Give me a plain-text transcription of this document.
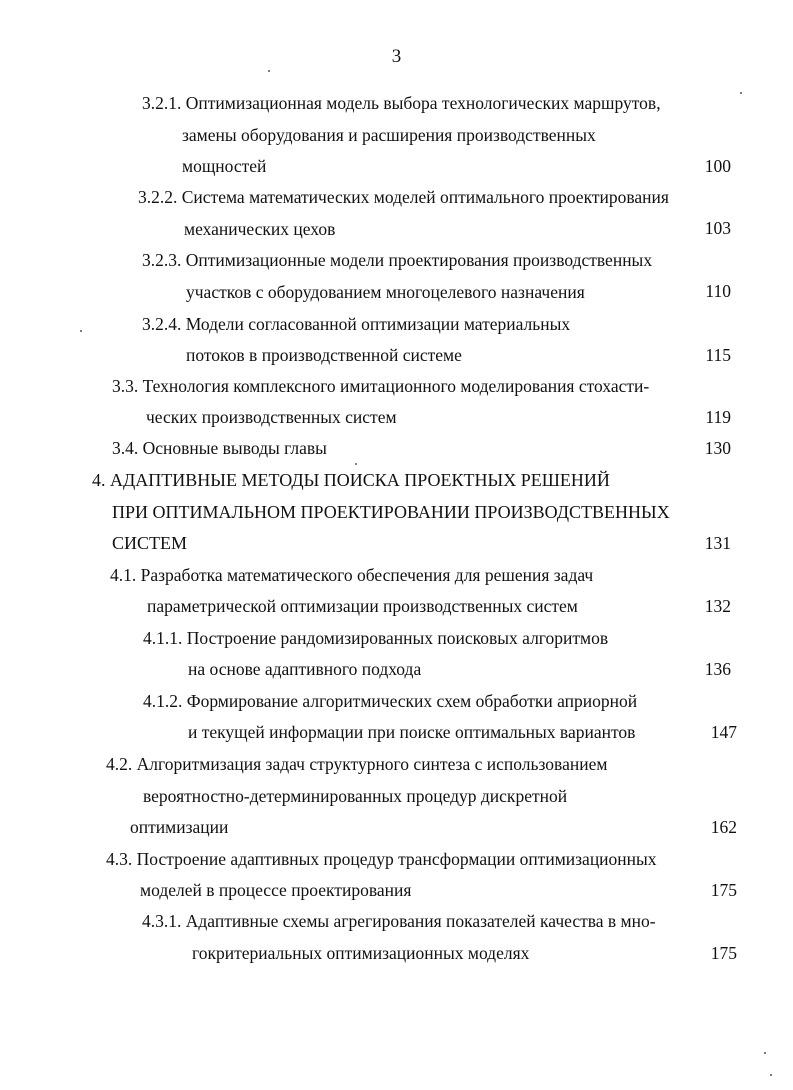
3
3.2.1. Оптимизационная модель выбора технологических маршрутов,
замены оборудования и расширения производственных
мощностей	100
3.2.2. Система математических моделей оптимального проектирования
механических цехов	103
3.2.3. Оптимизационные модели проектирования производственных
участков с оборудованием многоцелевого назначения	110
3.2.4. Модели согласованной оптимизации материальных
потоков в производственной системе	115
3.3. Технология комплексного имитационного моделирования стохасти-
ческих производственных систем	119
3.4. Основные выводы главы	130
4. АДАПТИВНЫЕ МЕТОДЫ ПОИСКА ПРОЕКТНЫХ РЕШЕНИЙ
ПРИ ОПТИМАЛЬНОМ ПРОЕКТИРОВАНИИ ПРОИЗВОДСТВЕННЫХ
СИСТЕМ	131
4.1. Разработка математического обеспечения для решения задач
параметрической оптимизации производственных систем	132
4.1.1. Построение рандомизированных поисковых алгоритмов
на основе адаптивного подхода	136
4.1.2. Формирование алгоритмических схем обработки априорной
и текущей информации при поиске оптимальных вариантов	147
4.2. Алгоритмизация задач структурного синтеза с использованием
вероятностно-детерминированных процедур дискретной
оптимизации	162
4.3. Построение адаптивных процедур трансформации оптимизационных
моделей в процессе проектирования	175
4.3.1. Адаптивные схемы агрегирования показателей качества в мно-
гокритериальных оптимизационных моделях	175
